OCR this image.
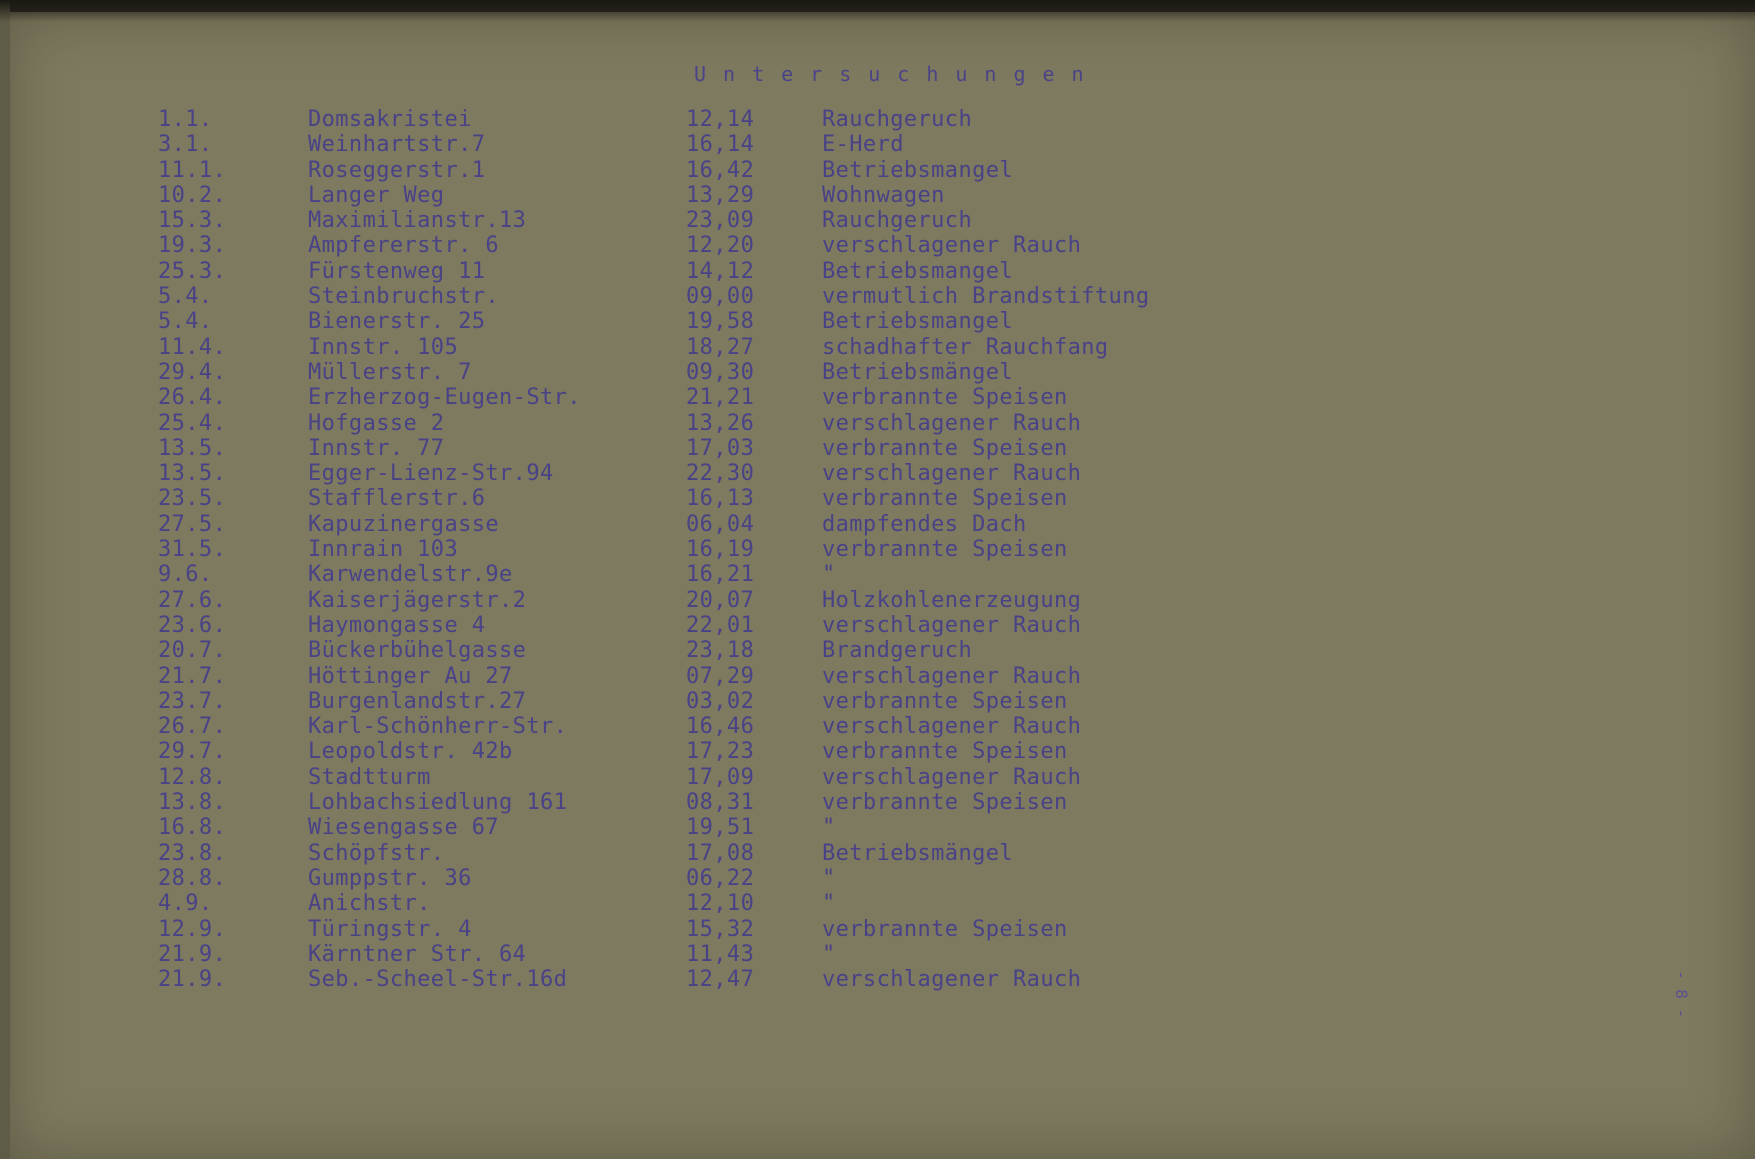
Untersuchungen
1.1.	Domsakristei	12,14	Rauchgeruch
3.1.	Weinhartstr.7	16,14	E-Herd
11.1.	Roseggerstr.1	16,42	Betriebsmangel
10.2.	Langer Weg	13,29	Wohnwagen
15.3.	Maximilianstr.13	23,09	Rauchgeruch
19.3.	Ampfererstr. 6	12,20	verschlagener Rauch
25.3.	Fürstenweg 11	14,12	Betriebsmangel
5.4.	Steinbruchstr.	09,00	vermutlich Brandstiftung
5.4.	Bienerstr. 25	19,58	Betriebsmangel
11.4.	Innstr. 105	18,27	schadhafter Rauchfang
29.4.	Müllerstr. 7	09,30	Betriebsmängel
26.4.	Erzherzog-Eugen-Str.	21,21	verbrannte Speisen
25.4.	Hofgasse 2	13,26	verschlagener Rauch
13.5.	Innstr. 77	17,03	verbrannte Speisen
13.5.	Egger-Lienz-Str.94	22,30	verschlagener Rauch
23.5.	Stafflerstr.6	16,13	verbrannte Speisen
27.5.	Kapuzinergasse	06,04	dampfendes Dach
31.5.	Innrain 103	16,19	verbrannte Speisen
9.6.	Karwendelstr.9e	16,21	"
27.6.	Kaiserjägerstr.2	20,07	Holzkohlenerzeugung
23.6.	Haymongasse 4	22,01	verschlagener Rauch
20.7.	Bückerbühelgasse	23,18	Brandgeruch
21.7.	Höttinger Au 27	07,29	verschlagener Rauch
23.7.	Burgenlandstr.27	03,02	verbrannte Speisen
26.7.	Karl-Schönherr-Str.	16,46	verschlagener Rauch
29.7.	Leopoldstr. 42b	17,23	verbrannte Speisen
12.8.	Stadtturm	17,09	verschlagener Rauch
13.8.	Lohbachsiedlung 161	08,31	verbrannte Speisen
16.8.	Wiesengasse 67	19,51	"
23.8.	Schöpfstr.	17,08	Betriebsmängel
28.8.	Gumppstr. 36	06,22	"
4.9.	Anichstr.	12,10	"
12.9.	Türingstr. 4	15,32	verbrannte Speisen
21.9.	Kärntner Str. 64	11,43	"
21.9.	Seb.-Scheel-Str.16d	12,47	verschlagener Rauch	- 8 -
